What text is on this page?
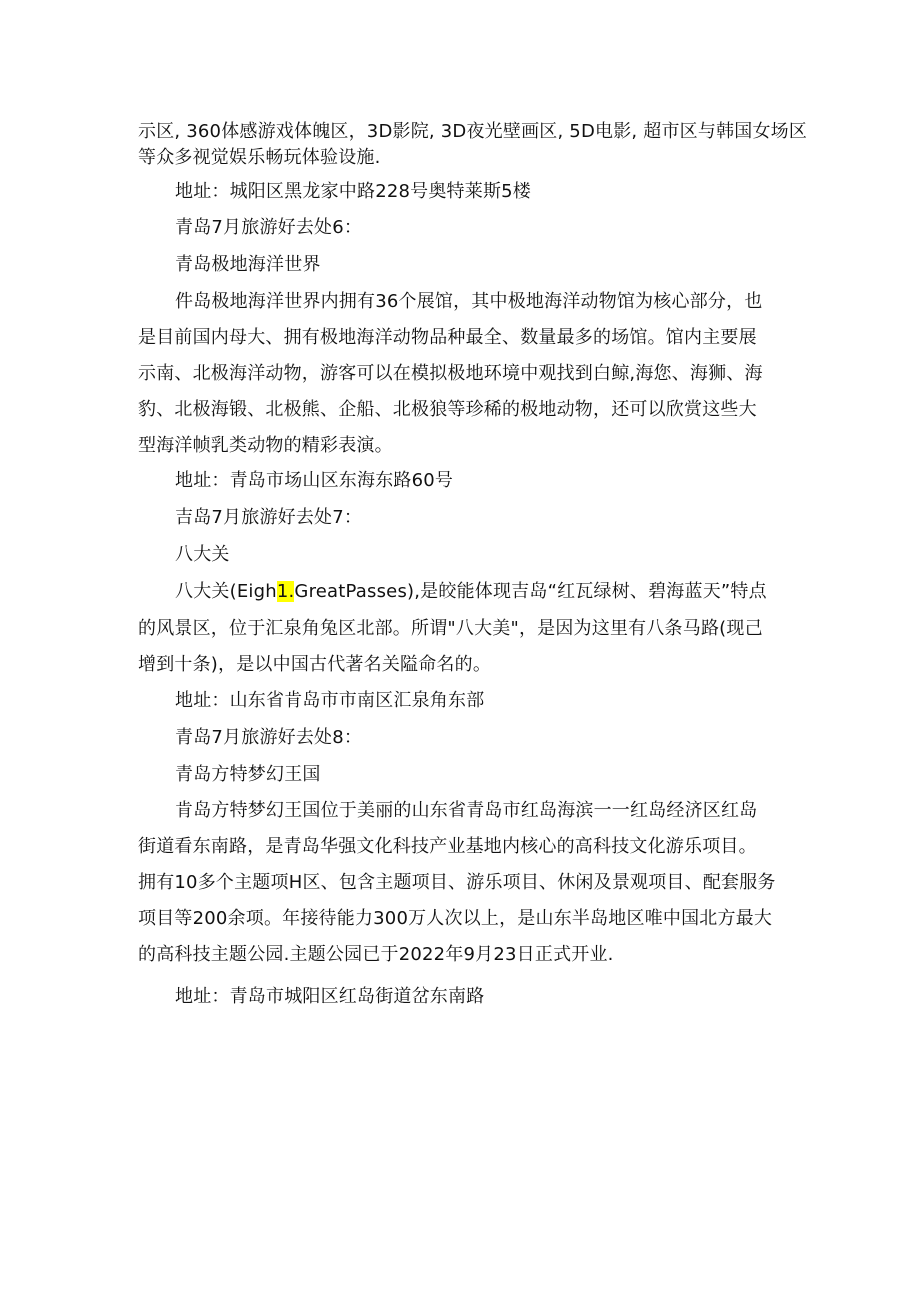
示区, 360体感游戏体魄区，3D影院, 3D夜光壁画区, 5D电影, 超市区与韩国女场区
等众多视觉娱乐畅玩体验设施.
地址：城阳区黑龙家中路228号奥特莱斯5楼
青岛7月旅游好去处6：
青岛极地海洋世界
件岛极地海洋世界内拥有36个展馆，其中极地海洋动物馆为核心部分，也
是目前国内母大、拥有极地海洋动物品种最全、数量最多的场馆。馆内主要展
示南、北极海洋动物，游客可以在模拟极地环境中观找到白鲸,海您、海狮、海
豹、北极海锻、北极熊、企船、北极狼等珍稀的极地动物，还可以欣赏这些大
型海洋帧乳类动物的精彩表演。
地址：青岛市场山区东海东路60号
吉岛7月旅游好去处7：
八大关
八大关(Eigh1.GreatPasses),是皎能体现吉岛“红瓦绿树、碧海蓝天”特点
的风景区，位于汇泉角兔区北部。所谓"八大美"，是因为这里有八条马路(现己
增到十条)，是以中国古代著名关隘命名的。
地址：山东省肯岛市市南区汇泉角东部
青岛7月旅游好去处8：
青岛方特梦幻王国
肯岛方特梦幻王国位于美丽的山东省青岛市红岛海滨一一红岛经济区红岛
街道看东南路，是青岛华强文化科技产业基地内核心的高科技文化游乐项目。
拥有10多个主题项H区、包含主题项目、游乐项目、休闲及景观项目、配套服务
项目等200余项。年接待能力300万人次以上，是山东半岛地区唯中国北方最大
的高科技主题公园.主题公园已于2022年9月23日正式开业.
地址：青岛市城阳区红岛街道岔东南路
